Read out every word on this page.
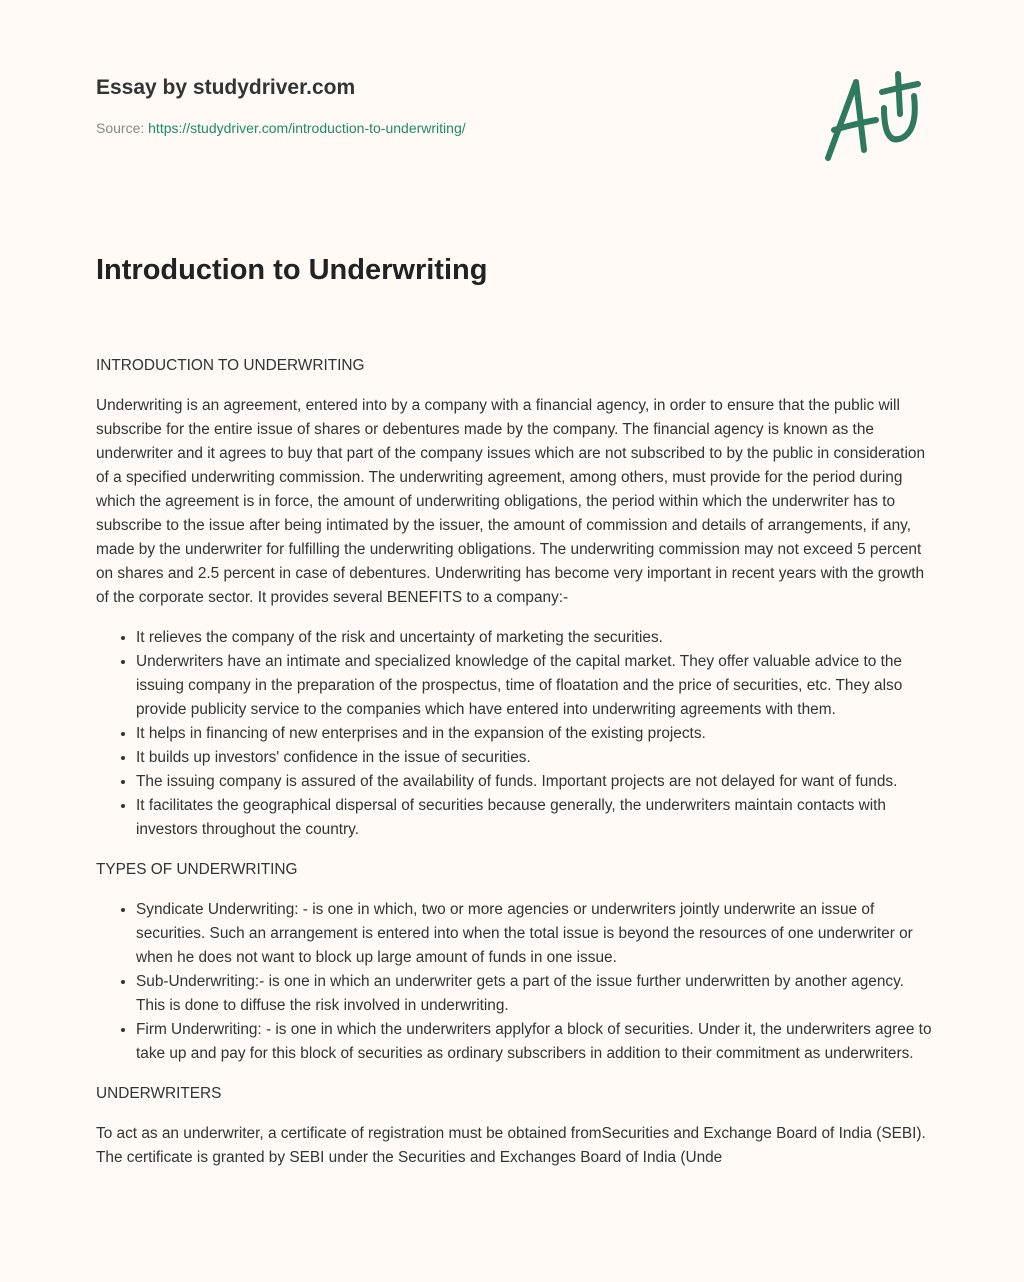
Essay by studydriver.com
Source: https://studydriver.com/introduction-to-underwriting/
Introduction to Underwriting

INTRODUCTION TO UNDERWRITING

Underwriting is an agreement, entered into by a company with a financial agency, in order to ensure that the public will subscribe for the entire issue of shares or debentures made by the company. The financial agency is known as the underwriter and it agrees to buy that part of the company issues which are not subscribed to by the public in consideration of a specified underwriting commission. The underwriting agreement, among others, must provide for the period during which the agreement is in force, the amount of underwriting obligations, the period within which the underwriter has to subscribe to the issue after being intimated by the issuer, the amount of commission and details of arrangements, if any, made by the underwriter for fulfilling the underwriting obligations. The underwriting commission may not exceed 5 percent on shares and 2.5 percent in case of debentures. Underwriting has become very important in recent years with the growth of the corporate sector. It provides several BENEFITS to a company:-

• It relieves the company of the risk and uncertainty of marketing the securities.
• Underwriters have an intimate and specialized knowledge of the capital market. They offer valuable advice to the issuing company in the preparation of the prospectus, time of floatation and the price of securities, etc. They also provide publicity service to the companies which have entered into underwriting agreements with them.
• It helps in financing of new enterprises and in the expansion of the existing projects.
• It builds up investors' confidence in the issue of securities.
• The issuing company is assured of the availability of funds. Important projects are not delayed for want of funds.
• It facilitates the geographical dispersal of securities because generally, the underwriters maintain contacts with investors throughout the country.

TYPES OF UNDERWRITING

• Syndicate Underwriting: - is one in which, two or more agencies or underwriters jointly underwrite an issue of securities. Such an arrangement is entered into when the total issue is beyond the resources of one underwriter or when he does not want to block up large amount of funds in one issue.
• Sub-Underwriting:- is one in which an underwriter gets a part of the issue further underwritten by another agency. This is done to diffuse the risk involved in underwriting.
• Firm Underwriting: - is one in which the underwriters applyfor a block of securities. Under it, the underwriters agree to take up and pay for this block of securities as ordinary subscribers in addition to their commitment as underwriters.

UNDERWRITERS

To act as an underwriter, a certificate of registration must be obtained fromSecurities and Exchange Board of India (SEBI). The certificate is granted by SEBI under the Securities and Exchanges Board of India (Unde
